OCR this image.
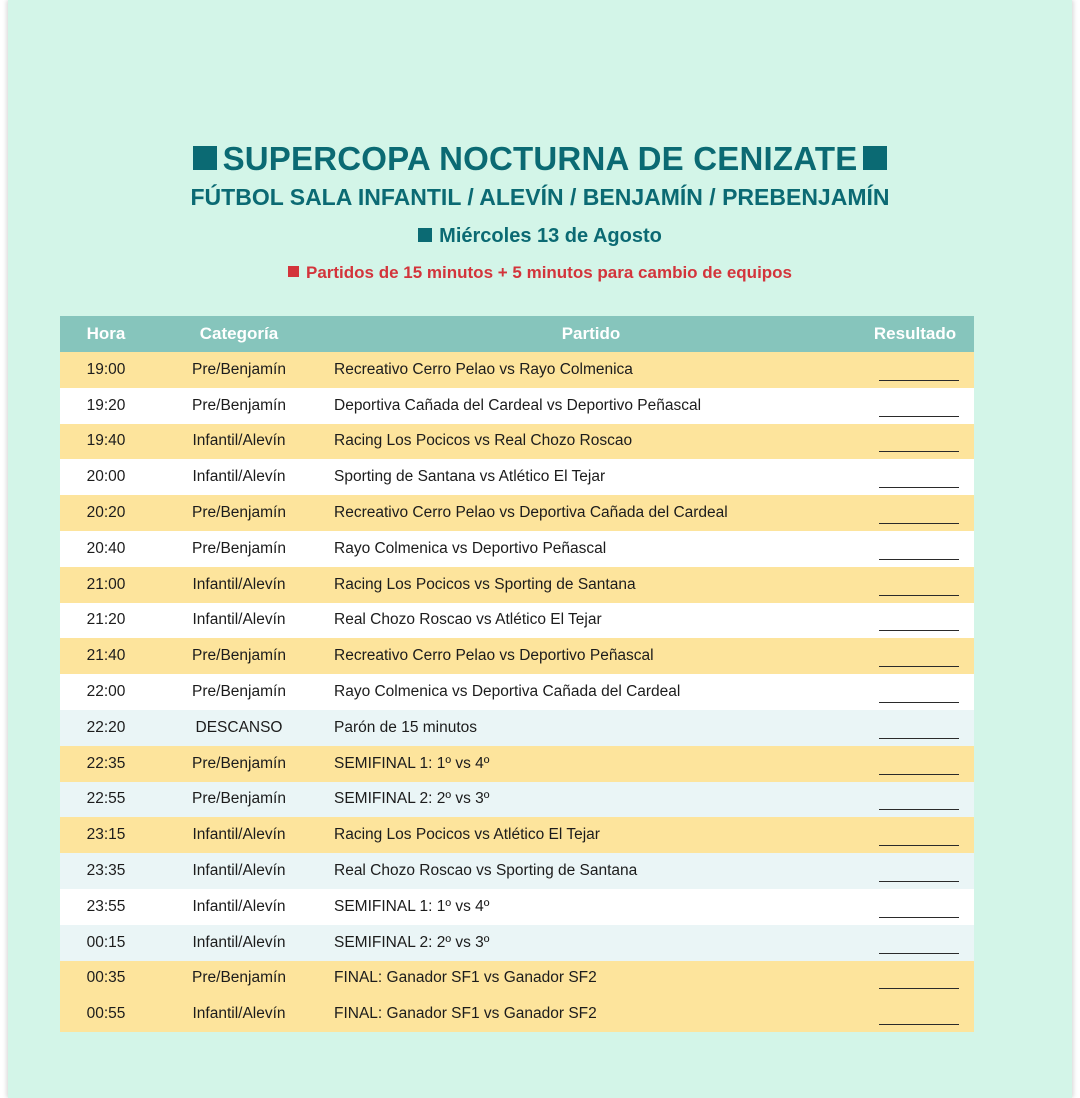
SUPERCOPA NOCTURNA DE CENIZATE
FÚTBOL SALA INFANTIL / ALEVÍN / BENJAMÍN / PREBENJAMÍN
Miércoles 13 de Agosto
Partidos de 15 minutos + 5 minutos para cambio de equipos
Hora	Categoría	Partido	Resultado
19:00	Pre/Benjamín	Recreativo Cerro Pelao vs Rayo Colmenica
19:20	Pre/Benjamín	Deportiva Cañada del Cardeal vs Deportivo Peñascal
19:40	Infantil/Alevín	Racing Los Pocicos vs Real Chozo Roscao
20:00	Infantil/Alevín	Sporting de Santana vs Atlético El Tejar
20:20	Pre/Benjamín	Recreativo Cerro Pelao vs Deportiva Cañada del Cardeal
20:40	Pre/Benjamín	Rayo Colmenica vs Deportivo Peñascal
21:00	Infantil/Alevín	Racing Los Pocicos vs Sporting de Santana
21:20	Infantil/Alevín	Real Chozo Roscao vs Atlético El Tejar
21:40	Pre/Benjamín	Recreativo Cerro Pelao vs Deportivo Peñascal
22:00	Pre/Benjamín	Rayo Colmenica vs Deportiva Cañada del Cardeal
22:20	DESCANSO	Parón de 15 minutos
22:35	Pre/Benjamín	SEMIFINAL 1: 1º vs 4º
22:55	Pre/Benjamín	SEMIFINAL 2: 2º vs 3º
23:15	Infantil/Alevín	Racing Los Pocicos vs Atlético El Tejar
23:35	Infantil/Alevín	Real Chozo Roscao vs Sporting de Santana
23:55	Infantil/Alevín	SEMIFINAL 1: 1º vs 4º
00:15	Infantil/Alevín	SEMIFINAL 2: 2º vs 3º
00:35	Pre/Benjamín	FINAL: Ganador SF1 vs Ganador SF2
00:55	Infantil/Alevín	FINAL: Ganador SF1 vs Ganador SF2
